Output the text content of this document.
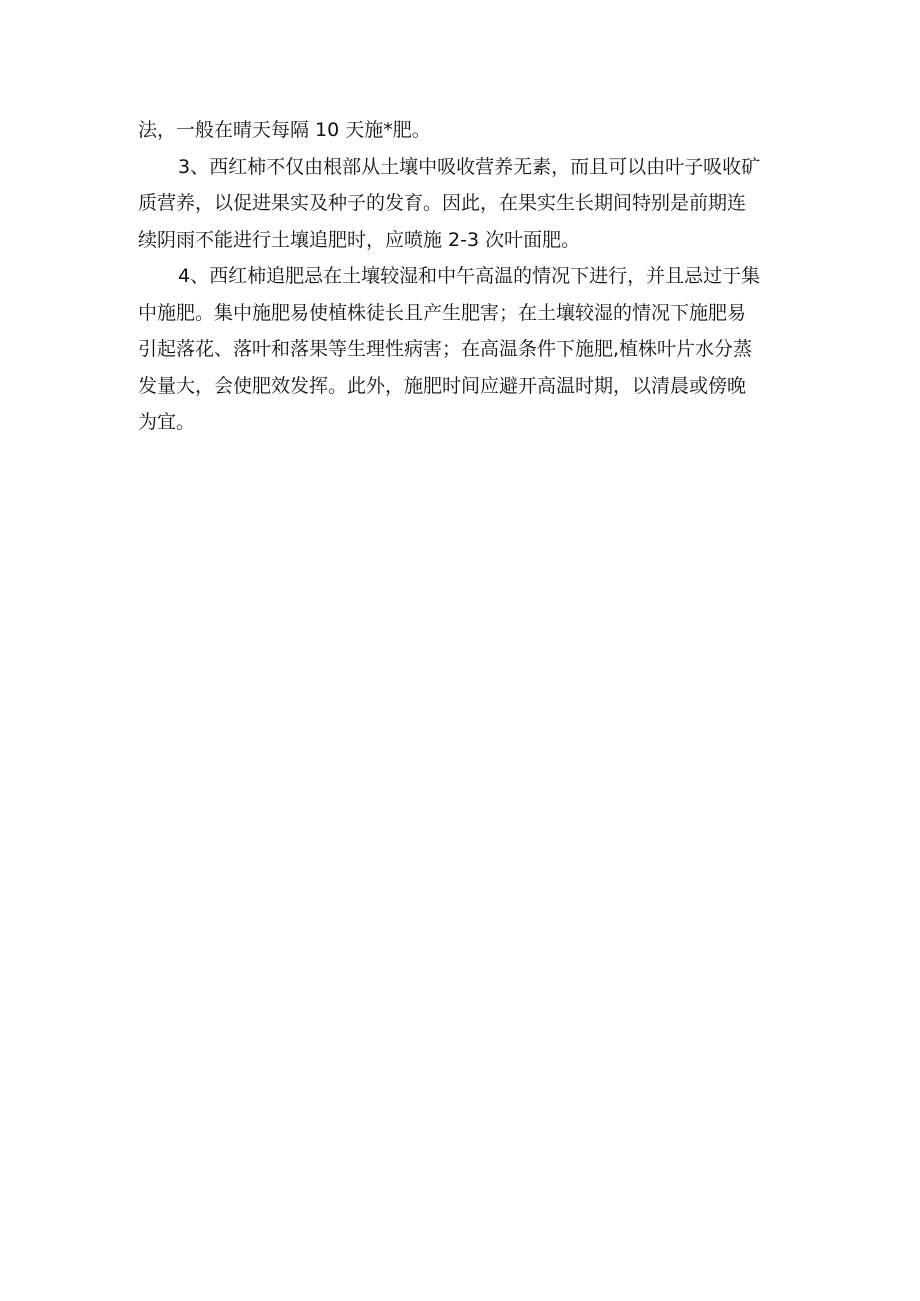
法，一般在晴天每隔 10 天施*肥。

3、西红柿不仅由根部从土壤中吸收营养无素，而且可以由叶子吸收矿
质营养，以促进果实及种子的发育。因此，在果实生长期间特别是前期连
续阴雨不能进行土壤追肥时，应喷施 2-3 次叶面肥。

4、西红柿追肥忌在土壤较湿和中午高温的情况下进行，并且忌过于集
中施肥。集中施肥易使植株徒长且产生肥害；在土壤较湿的情况下施肥易
引起落花、落叶和落果等生理性病害；在高温条件下施肥,植株叶片水分蒸
发量大，会使肥效发挥。此外，施肥时间应避开高温时期，以清晨或傍晚
为宜。
